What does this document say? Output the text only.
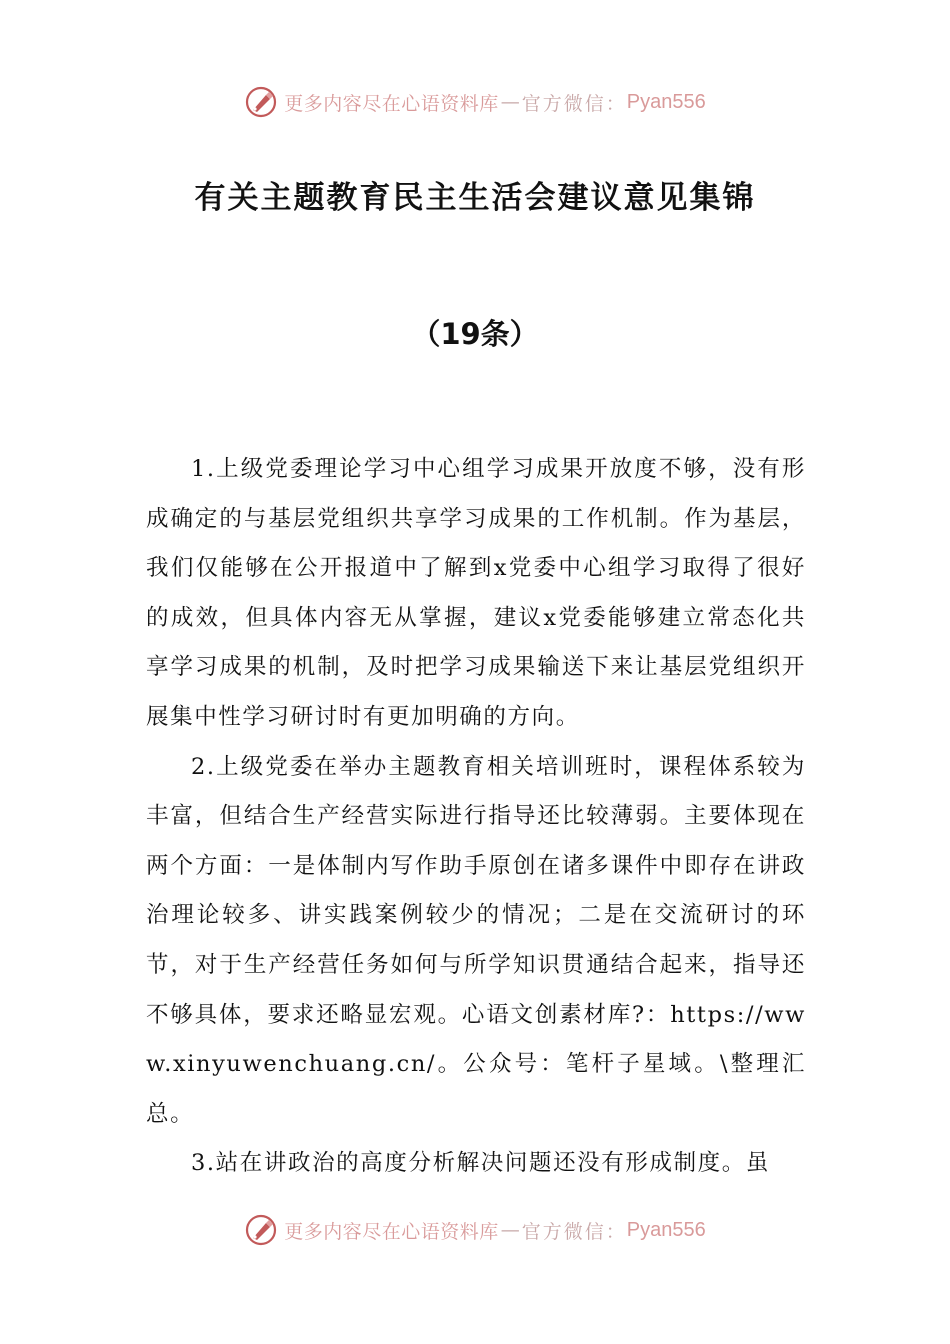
更多内容尽在心语资料库 — 官方微信： Pyan556
有关主题教育民主生活会建议意见集锦
（19条）

1.上级党委理论学习中心组学习成果开放度不够，没有形成确定的与基层党组织共享学习成果的工作机制。作为基层，我们仅能够在公开报道中了解到x党委中心组学习取得了很好的成效，但具体内容无从掌握，建议x党委能够建立常态化共享学习成果的机制，及时把学习成果输送下来让基层党组织开展集中性学习研讨时有更加明确的方向。

2.上级党委在举办主题教育相关培训班时，课程体系较为丰富，但结合生产经营实际进行指导还比较薄弱。主要体现在两个方面：一是体制内写作助手原创在诸多课件中即存在讲政治理论较多、讲实践案例较少的情况；二是在交流研讨的环节，对于生产经营任务如何与所学知识贯通结合起来，指导还不够具体，要求还略显宏观。心语文创素材库?：https://www.xinyuwenchuang.cn/。公众号：笔杆子星域。\整理汇总。

3.站在讲政治的高度分析解决问题还没有形成制度。虽

更多内容尽在心语资料库 — 官方微信： Pyan556
